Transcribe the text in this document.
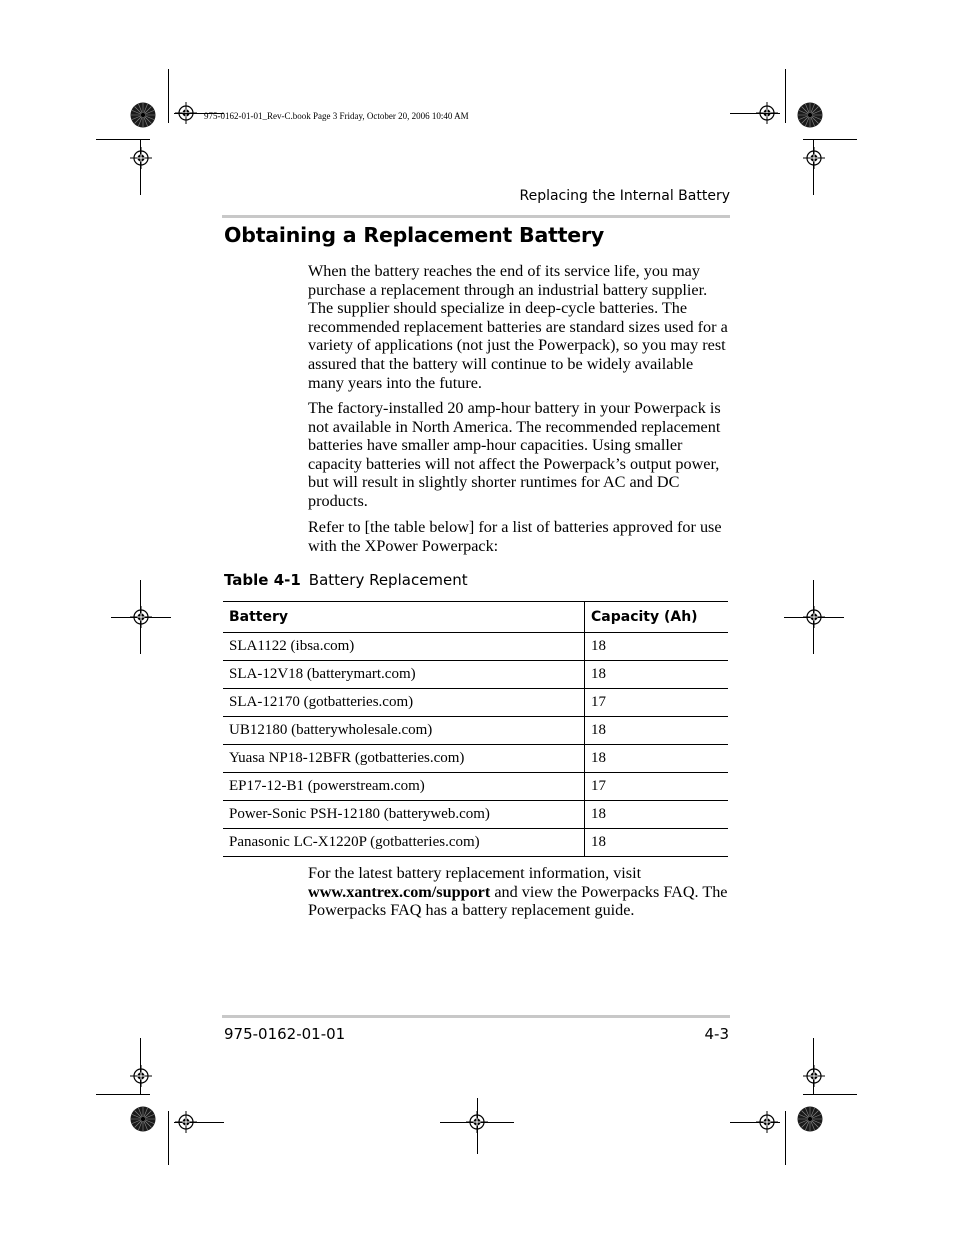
975-0162-01-01_Rev-C.book Page 3 Friday, October 20, 2006 10:40 AM
Replacing the Internal Battery
Obtaining a Replacement Battery
When the battery reaches the end of its service life, you may purchase a replacement through an industrial battery supplier. The supplier should specialize in deep-cycle batteries. The recommended replacement batteries are standard sizes used for a variety of applications (not just the Powerpack), so you may rest assured that the battery will continue to be widely available many years into the future.
The factory-installed 20 amp-hour battery in your Powerpack is not available in North America. The recommended replacement batteries have smaller amp-hour capacities. Using smaller capacity batteries will not affect the Powerpack’s output power, but will result in slightly shorter runtimes for AC and DC products.
Refer to [the table below] for a list of batteries approved for use with the XPower Powerpack:
Table 4-1 Battery Replacement
Battery	Capacity (Ah)
SLA1122 (ibsa.com)	18
SLA-12V18 (batterymart.com)	18
SLA-12170 (gotbatteries.com)	17
UB12180 (batterywholesale.com)	18
Yuasa NP18-12BFR (gotbatteries.com)	18
EP17-12-B1 (powerstream.com)	17
Power-Sonic PSH-12180 (batteryweb.com)	18
Panasonic LC-X1220P (gotbatteries.com)	18
For the latest battery replacement information, visit www.xantrex.com/support and view the Powerpacks FAQ. The Powerpacks FAQ has a battery replacement guide.
975-0162-01-01	4-3
